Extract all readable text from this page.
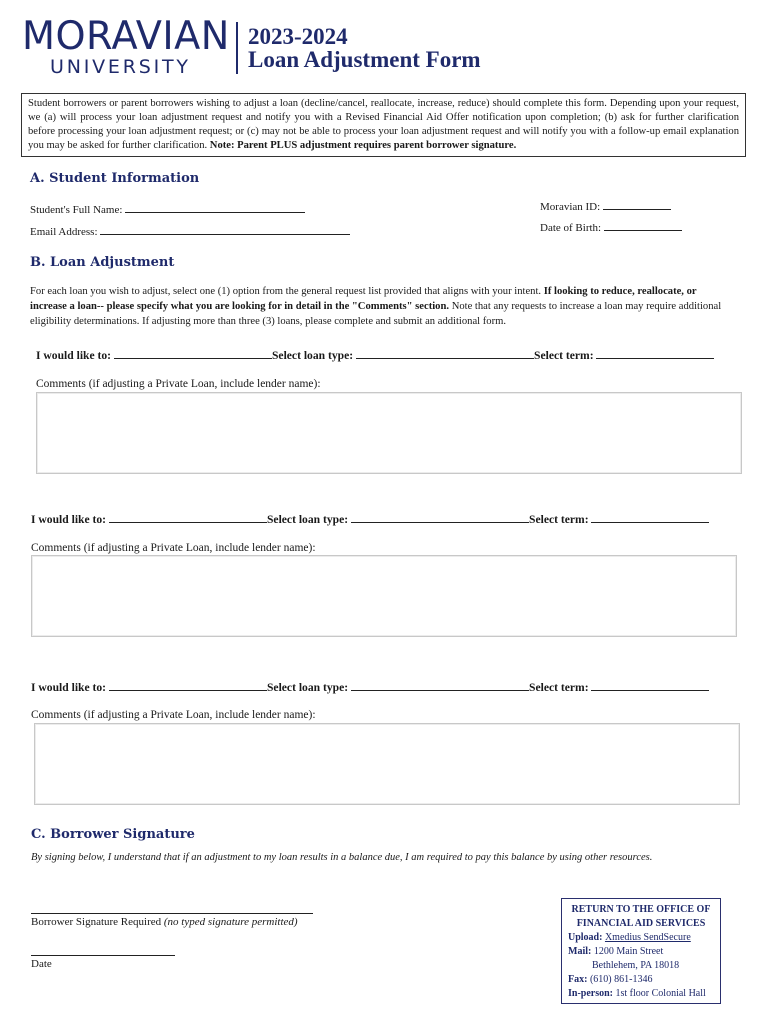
MORAVIAN
UNIVERSITY
2023-2024
Loan Adjustment Form
Student borrowers or parent borrowers wishing to adjust a loan (decline/cancel, reallocate, increase, reduce) should complete this form. Depending upon your request, we (a) will process your loan adjustment request and notify you with a Revised Financial Aid Offer notification upon completion; (b) ask for further clarification before processing your loan adjustment request; or (c) may not be able to process your loan adjustment request and will notify you with a follow-up email explanation you may be asked for further clarification. Note: Parent PLUS adjustment requires parent borrower signature.
A. Student Information
Student's Full Name:
Email Address:
Moravian ID:
Date of Birth:
B. Loan Adjustment
For each loan you wish to adjust, select one (1) option from the general request list provided that aligns with your intent. If looking to reduce, reallocate, or increase a loan-- please specify what you are looking for in detail in the "Comments" section. Note that any requests to increase a loan may require additional eligibility determinations. If adjusting more than three (3) loans, please complete and submit an additional form.
I would like to:	Select loan type:	Select term:
Comments (if adjusting a Private Loan, include lender name):
I would like to:	Select loan type:	Select term:
Comments (if adjusting a Private Loan, include lender name):
I would like to:	Select loan type:	Select term:
Comments (if adjusting a Private Loan, include lender name):
C. Borrower Signature
By signing below, I understand that if an adjustment to my loan results in a balance due, I am required to pay this balance by using other resources.
Borrower Signature Required (no typed signature permitted)
Date
RETURN TO THE OFFICE OF
FINANCIAL AID SERVICES
Upload: Xmedius SendSecure
Mail: 1200 Main Street
Bethlehem, PA 18018
Fax: (610) 861-1346
In-person: 1st floor Colonial Hall
